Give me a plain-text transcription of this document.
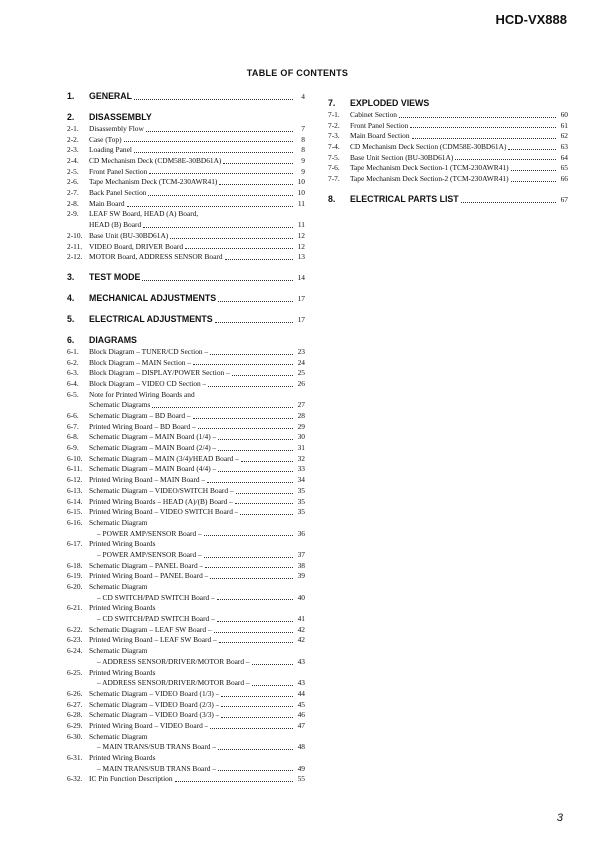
HCD-VX888
TABLE OF CONTENTS
1.	GENERAL	4
2.	DISASSEMBLY
2-1.	Disassembly Flow	7
2-2.	Case (Top)	8
2-3.	Loading Panel	8
2-4.	CD Mechanism Deck (CDM58E-30BD61A)	9
2-5.	Front Panel Section	9
2-6.	Tape Mechanism Deck (TCM-230AWR41)	10
2-7.	Back Panel Section	10
2-8.	Main Board	11
2-9.	LEAF SW Board, HEAD (A) Board,
HEAD (B) Board	11
2-10. Base Unit (BU-30BD61A)	12
2-11. VIDEO Board, DRIVER Board	12
2-12. MOTOR Board, ADDRESS SENSOR Board	13
3.	TEST MODE	14
4.	MECHANICAL ADJUSTMENTS	17
5.	ELECTRICAL ADJUSTMENTS	17
6.	DIAGRAMS
6-1.	Block Diagram – TUNER/CD Section –	23
6-2.	Block Diagram – MAIN Section –	24
6-3.	Block Diagram – DISPLAY/POWER Section –	25
6-4.	Block Diagram – VIDEO CD Section –	26
6-5.	Note for Printed Wiring Boards and
Schematic Diagrams	27
6-6.	Schematic Diagram – BD Board –	28
6-7.	Printed Wiring Board – BD Board –	29
6-8.	Schematic Diagram – MAIN Board (1/4) –	30
6-9.	Schematic Diagram – MAIN Board (2/4) –	31
6-10. Schematic Diagram – MAIN (3/4)/HEAD Board –	32
6-11. Schematic Diagram – MAIN Board (4/4) –	33
6-12. Printed Wiring Board – MAIN Board –	34
6-13. Schematic Diagram – VIDEO/SWITCH Board –	35
6-14. Printed Wiring Boards – HEAD (A)/(B) Board –	35
6-15. Printed Wiring Board – VIDEO SWITCH Board –	35
6-16. Schematic Diagram
– POWER AMP/SENSOR Board –	36
6-17. Printed Wiring Boards
– POWER AMP/SENSOR Board –	37
6-18. Schematic Diagram – PANEL Board –	38
6-19. Printed Wiring Board – PANEL Board –	39
6-20. Schematic Diagram
– CD SWITCH/PAD SWITCH Board –	40
6-21. Printed Wiring Boards
– CD SWITCH/PAD SWITCH Board –	41
6-22. Schematic Diagram – LEAF SW Board –	42
6-23. Printed Wiring Board – LEAF SW Board –	42
6-24. Schematic Diagram
– ADDRESS SENSOR/DRIVER/MOTOR Board –	43
6-25. Printed Wiring Boards
– ADDRESS SENSOR/DRIVER/MOTOR Board –	43
6-26. Schematic Diagram – VIDEO Board (1/3) –	44
6-27. Schematic Diagram – VIDEO Board (2/3) –	45
6-28. Schematic Diagram – VIDEO Board (3/3) –	46
6-29. Printed Wiring Board – VIDEO Board –	47
6-30. Schematic Diagram
– MAIN TRANS/SUB TRANS Board –	48
6-31. Printed Wiring Boards
– MAIN TRANS/SUB TRANS Board –	49
6-32. IC Pin Function Description	55
7.	EXPLODED VIEWS
7-1.	Cabinet Section	60
7-2.	Front Panel Section	61
7-3.	Main Board Section	62
7-4.	CD Mechanism Deck Section (CDM58E-30BD61A)	63
7-5.	Base Unit Section (BU-30BD61A)	64
7-6.	Tape Mechanism Deck Section-1 (TCM-230AWR41)	65
7-7.	Tape Mechanism Deck Section-2 (TCM-230AWR41)	66
8.	ELECTRICAL PARTS LIST	67
3
